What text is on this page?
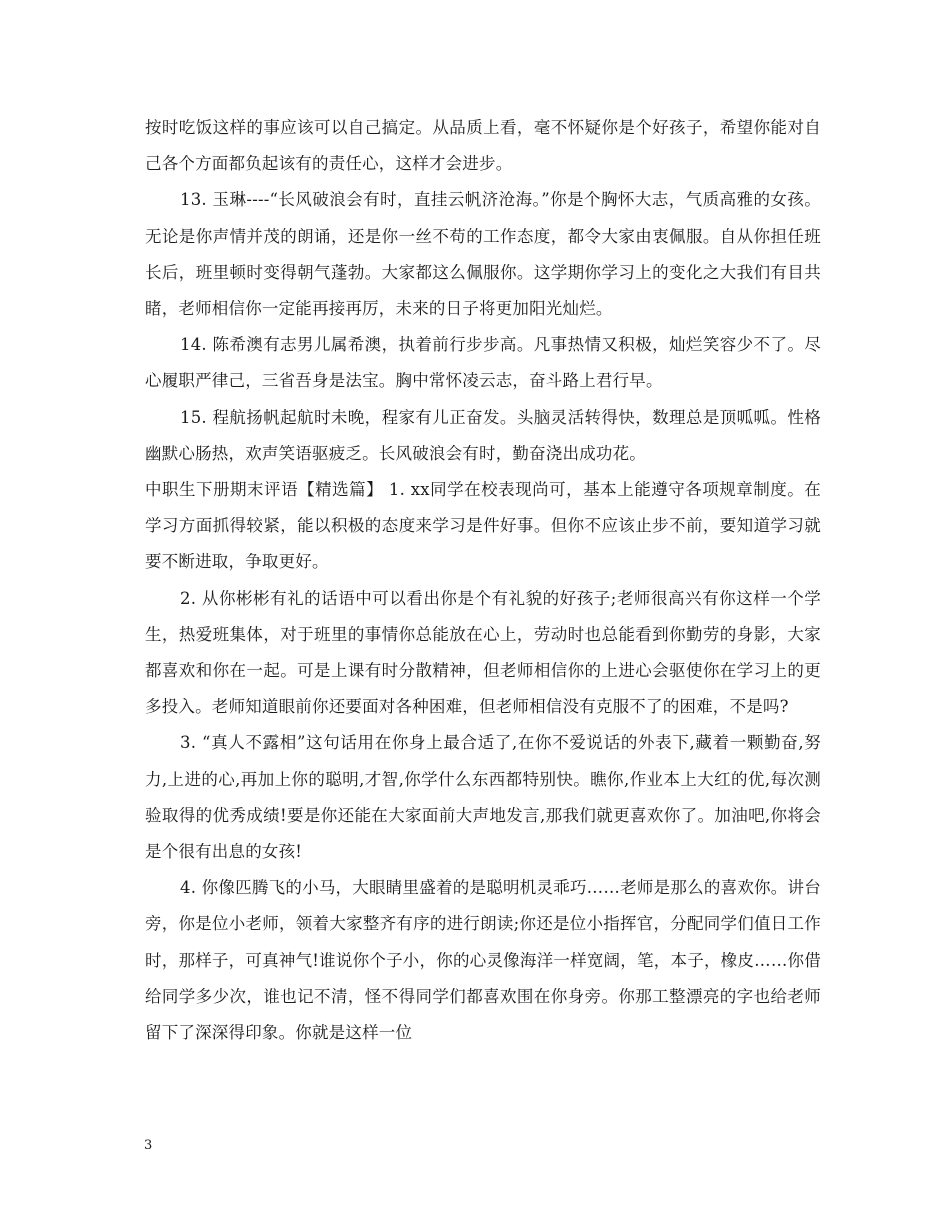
按时吃饭这样的事应该可以自己搞定。从品质上看，毫不怀疑你是个好孩子，希望你能对自己各个方面都负起该有的责任心，这样才会进步。

13. 玉琳----“长风破浪会有时，直挂云帆济沧海。”你是个胸怀大志，气质高雅的女孩。无论是你声情并茂的朗诵，还是你一丝不苟的工作态度，都令大家由衷佩服。自从你担任班长后，班里顿时变得朝气蓬勃。大家都这么佩服你。这学期你学习上的变化之大我们有目共睹，老师相信你一定能再接再厉，未来的日子将更加阳光灿烂。

14. 陈希澳有志男儿属希澳，执着前行步步高。凡事热情又积极，灿烂笑容少不了。尽心履职严律己，三省吾身是法宝。胸中常怀凌云志，奋斗路上君行早。

15. 程航扬帆起航时未晚，程家有儿正奋发。头脑灵活转得快，数理总是顶呱呱。性格幽默心肠热，欢声笑语驱疲乏。长风破浪会有时，勤奋浇出成功花。

中职生下册期末评语【精选篇】 1. xx同学在校表现尚可，基本上能遵守各项规章制度。在学习方面抓得较紧，能以积极的态度来学习是件好事。但你不应该止步不前，要知道学习就要不断进取，争取更好。

2. 从你彬彬有礼的话语中可以看出你是个有礼貌的好孩子;老师很高兴有你这样一个学生，热爱班集体，对于班里的事情你总能放在心上，劳动时也总能看到你勤劳的身影，大家都喜欢和你在一起。可是上课有时分散精神，但老师相信你的上进心会驱使你在学习上的更多投入。老师知道眼前你还要面对各种困难，但老师相信没有克服不了的困难，不是吗?

3. “真人不露相”这句话用在你身上最合适了,在你不爱说话的外表下,藏着一颗勤奋,努力,上进的心,再加上你的聪明,才智,你学什么东西都特别快。瞧你,作业本上大红的优,每次测验取得的优秀成绩!要是你还能在大家面前大声地发言,那我们就更喜欢你了。加油吧,你将会是个很有出息的女孩!

4. 你像匹腾飞的小马，大眼睛里盛着的是聪明机灵乖巧……老师是那么的喜欢你。讲台旁，你是位小老师，领着大家整齐有序的进行朗读;你还是位小指挥官，分配同学们值日工作时，那样子，可真神气!谁说你个子小，你的心灵像海洋一样宽阔，笔，本子，橡皮……你借给同学多少次，谁也记不清，怪不得同学们都喜欢围在你身旁。你那工整漂亮的字也给老师留下了深深得印象。你就是这样一位

3
